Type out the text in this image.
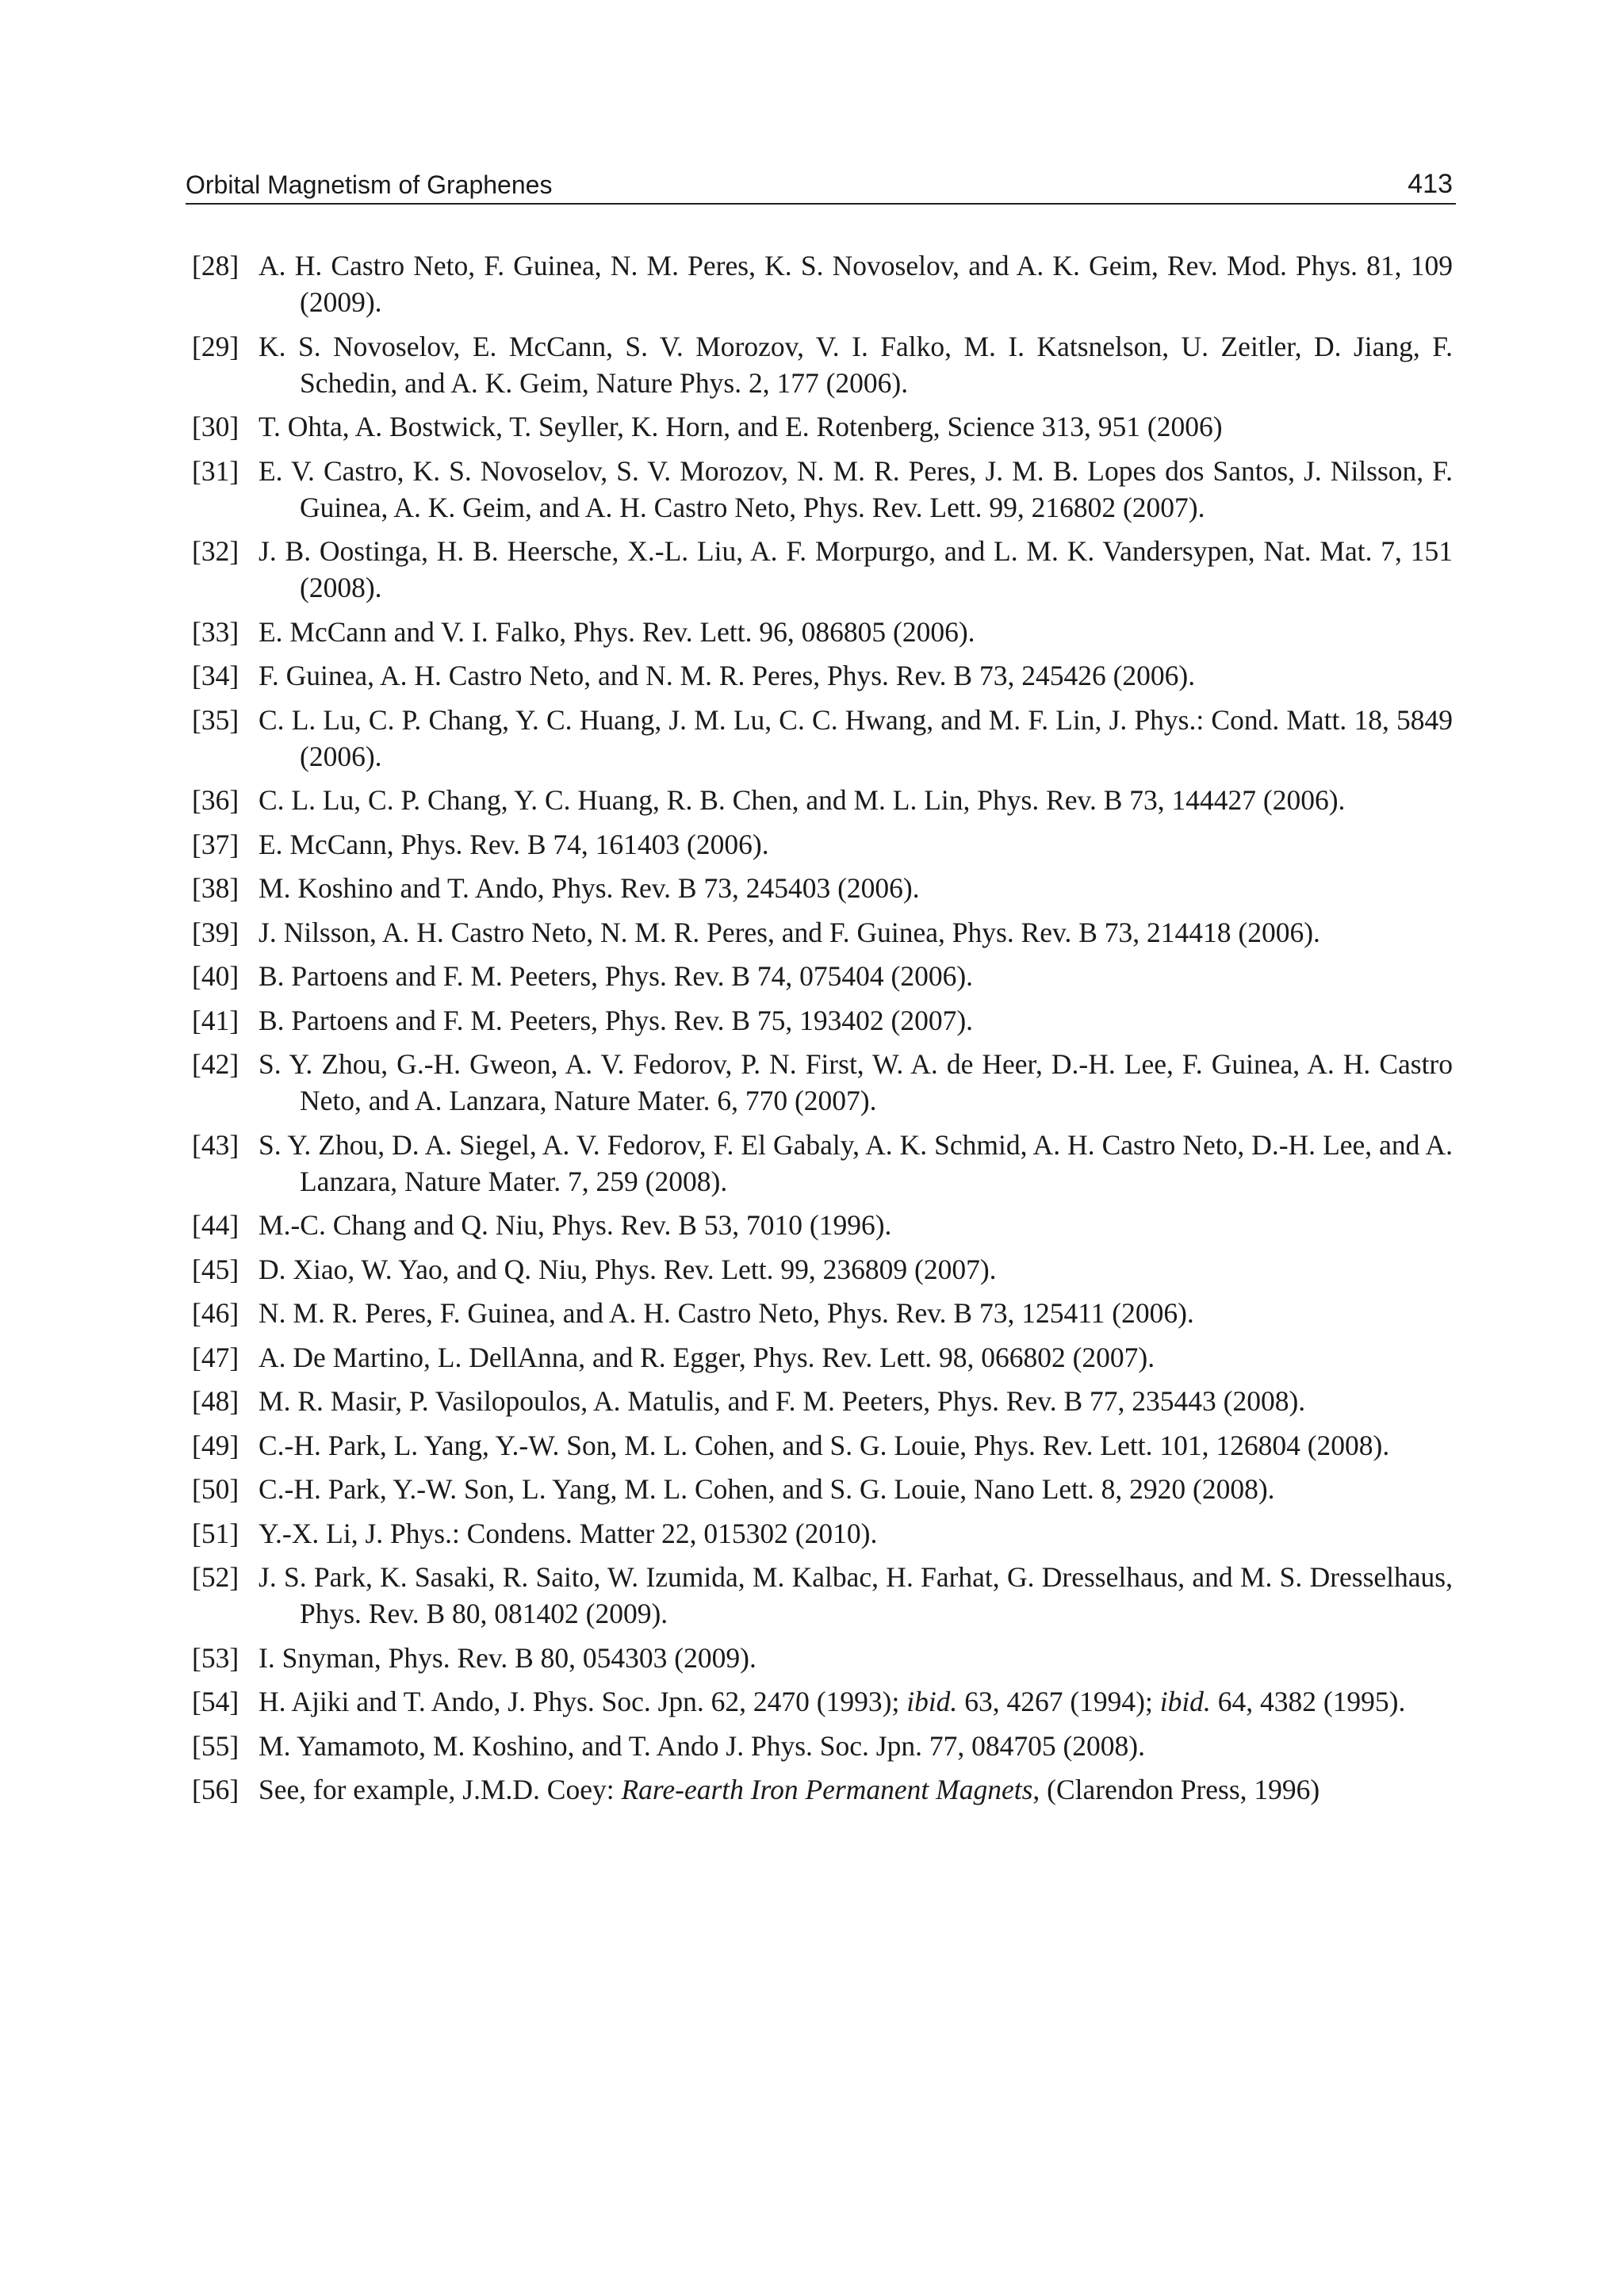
Orbital Magnetism of Graphenes	413
[28] A. H. Castro Neto, F. Guinea, N. M. Peres, K. S. Novoselov, and A. K. Geim, Rev. Mod. Phys. 81, 109 (2009).
[29] K. S. Novoselov, E. McCann, S. V. Morozov, V. I. Falko, M. I. Katsnelson, U. Zeitler, D. Jiang, F. Schedin, and A. K. Geim, Nature Phys. 2, 177 (2006).
[30] T. Ohta, A. Bostwick, T. Seyller, K. Horn, and E. Rotenberg, Science 313, 951 (2006)
[31] E. V. Castro, K. S. Novoselov, S. V. Morozov, N. M. R. Peres, J. M. B. Lopes dos Santos, J. Nilsson, F. Guinea, A. K. Geim, and A. H. Castro Neto, Phys. Rev. Lett. 99, 216802 (2007).
[32] J. B. Oostinga, H. B. Heersche, X.-L. Liu, A. F. Morpurgo, and L. M. K. Vandersypen, Nat. Mat. 7, 151 (2008).
[33] E. McCann and V. I. Falko, Phys. Rev. Lett. 96, 086805 (2006).
[34] F. Guinea, A. H. Castro Neto, and N. M. R. Peres, Phys. Rev. B 73, 245426 (2006).
[35] C. L. Lu, C. P. Chang, Y. C. Huang, J. M. Lu, C. C. Hwang, and M. F. Lin, J. Phys.: Cond. Matt. 18, 5849 (2006).
[36] C. L. Lu, C. P. Chang, Y. C. Huang, R. B. Chen, and M. L. Lin, Phys. Rev. B 73, 144427 (2006).
[37] E. McCann, Phys. Rev. B 74, 161403 (2006).
[38] M. Koshino and T. Ando, Phys. Rev. B 73, 245403 (2006).
[39] J. Nilsson, A. H. Castro Neto, N. M. R. Peres, and F. Guinea, Phys. Rev. B 73, 214418 (2006).
[40] B. Partoens and F. M. Peeters, Phys. Rev. B 74, 075404 (2006).
[41] B. Partoens and F. M. Peeters, Phys. Rev. B 75, 193402 (2007).
[42] S. Y. Zhou, G.-H. Gweon, A. V. Fedorov, P. N. First, W. A. de Heer, D.-H. Lee, F. Guinea, A. H. Castro Neto, and A. Lanzara, Nature Mater. 6, 770 (2007).
[43] S. Y. Zhou, D. A. Siegel, A. V. Fedorov, F. El Gabaly, A. K. Schmid, A. H. Castro Neto, D.-H. Lee, and A. Lanzara, Nature Mater. 7, 259 (2008).
[44] M.-C. Chang and Q. Niu, Phys. Rev. B 53, 7010 (1996).
[45] D. Xiao, W. Yao, and Q. Niu, Phys. Rev. Lett. 99, 236809 (2007).
[46] N. M. R. Peres, F. Guinea, and A. H. Castro Neto, Phys. Rev. B 73, 125411 (2006).
[47] A. De Martino, L. DellAnna, and R. Egger, Phys. Rev. Lett. 98, 066802 (2007).
[48] M. R. Masir, P. Vasilopoulos, A. Matulis, and F. M. Peeters, Phys. Rev. B 77, 235443 (2008).
[49] C.-H. Park, L. Yang, Y.-W. Son, M. L. Cohen, and S. G. Louie, Phys. Rev. Lett. 101, 126804 (2008).
[50] C.-H. Park, Y.-W. Son, L. Yang, M. L. Cohen, and S. G. Louie, Nano Lett. 8, 2920 (2008).
[51] Y.-X. Li, J. Phys.: Condens. Matter 22, 015302 (2010).
[52] J. S. Park, K. Sasaki, R. Saito, W. Izumida, M. Kalbac, H. Farhat, G. Dresselhaus, and M. S. Dresselhaus, Phys. Rev. B 80, 081402 (2009).
[53] I. Snyman, Phys. Rev. B 80, 054303 (2009).
[54] H. Ajiki and T. Ando, J. Phys. Soc. Jpn. 62, 2470 (1993); ibid. 63, 4267 (1994); ibid. 64, 4382 (1995).
[55] M. Yamamoto, M. Koshino, and T. Ando J. Phys. Soc. Jpn. 77, 084705 (2008).
[56] See, for example, J.M.D. Coey: Rare-earth Iron Permanent Magnets, (Clarendon Press, 1996)
